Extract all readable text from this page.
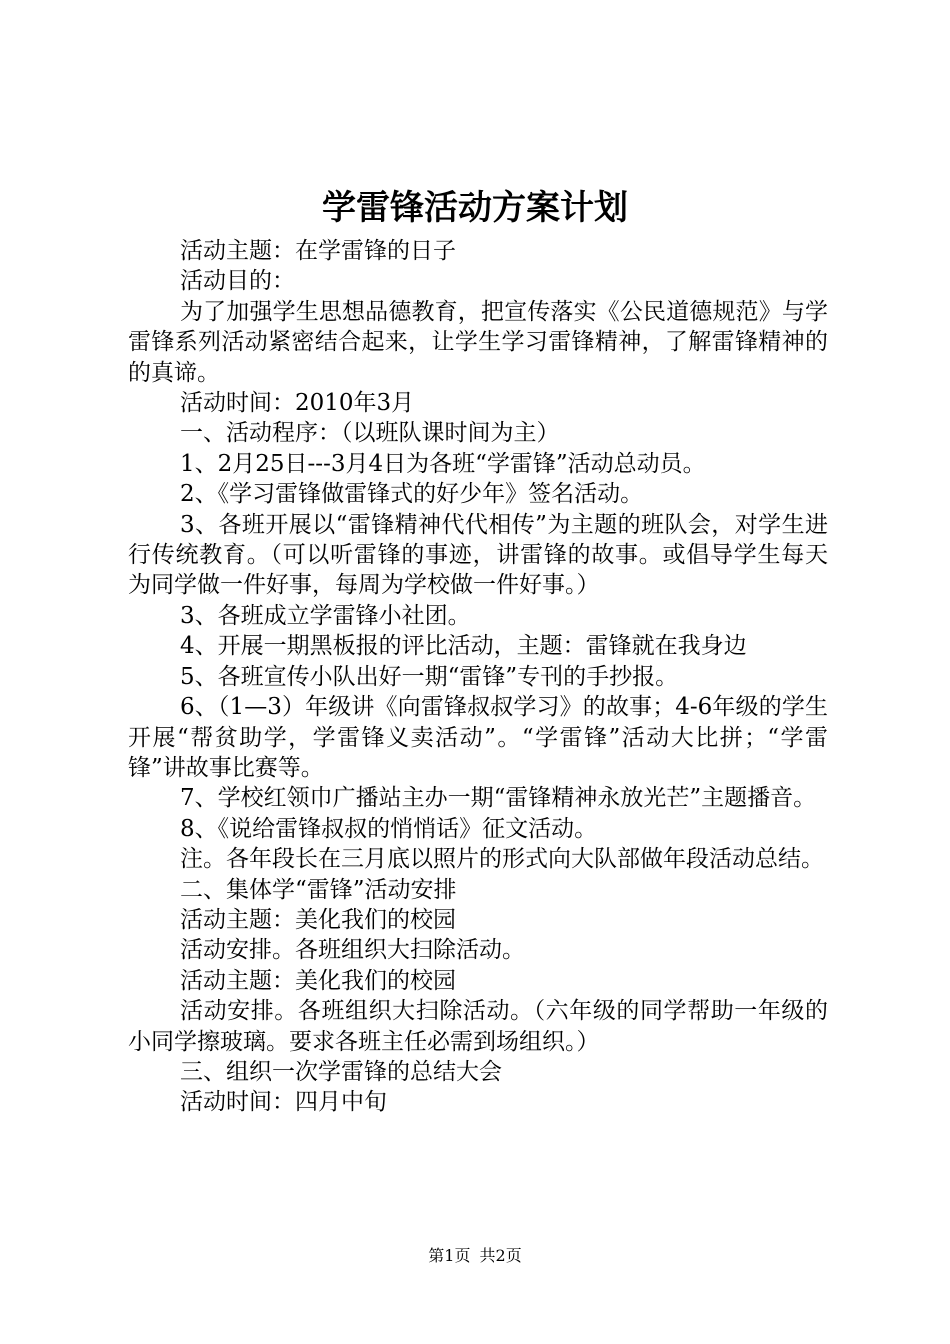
学雷锋活动方案计划

活动主题：在学雷锋的日子

活动目的：

为了加强学生思想品德教育，把宣传落实《公民道德规范》与学雷锋系列活动紧密结合起来，让学生学习雷锋精神，了解雷锋精神的的真谛。

活动时间：2010年3月

一、活动程序：（以班队课时间为主）

1、2月25日---3月4日为各班“学雷锋”活动总动员。

2、《学习雷锋做雷锋式的好少年》签名活动。

3、各班开展以“雷锋精神代代相传”为主题的班队会，对学生进行传统教育。（可以听雷锋的事迹，讲雷锋的故事。或倡导学生每天为同学做一件好事，每周为学校做一件好事。）

3、各班成立学雷锋小社团。

4、开展一期黑板报的评比活动，主题：雷锋就在我身边

5、各班宣传小队出好一期“雷锋”专刊的手抄报。

6、（1—3）年级讲《向雷锋叔叔学习》的故事；4-6年级的学生开展“帮贫助学，学雷锋义卖活动”。“学雷锋”活动大比拼；“学雷锋”讲故事比赛等。

7、学校红领巾广播站主办一期“雷锋精神永放光芒”主题播音。

8、《说给雷锋叔叔的悄悄话》征文活动。

注。各年段长在三月底以照片的形式向大队部做年段活动总结。

二、集体学“雷锋”活动安排

活动主题：美化我们的校园

活动安排。各班组织大扫除活动。

活动主题：美化我们的校园

活动安排。各班组织大扫除活动。（六年级的同学帮助一年级的小同学擦玻璃。要求各班主任必需到场组织。）

三、组织一次学雷锋的总结大会

活动时间：四月中旬

第1页 共2页
